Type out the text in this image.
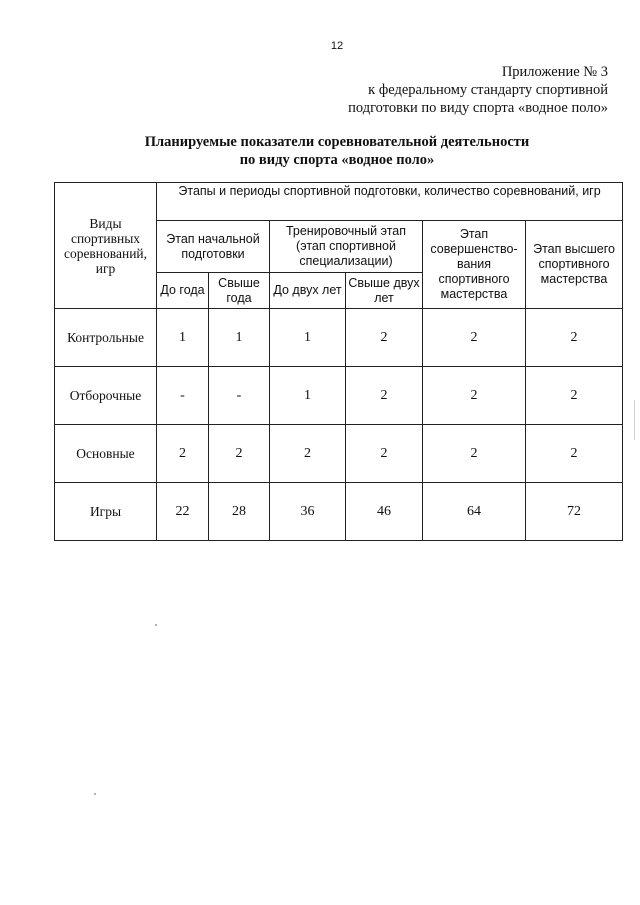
12
Приложение № 3
к федеральному стандарту спортивной
подготовки по виду спорта «водное поло»
Планируемые показатели соревновательной деятельности
по виду спорта «водное поло»
Виды спортивных соревнований, игр	Этапы и периоды спортивной подготовки, количество соревнований, игр					
	Этап начальной подготовки		Тренировочный этап (этап спортивной специализации)		Этап совершенство-вания спортивного мастерства	Этап высшего спортивного мастерства
	До года	Свыше года	До двух лет	Свыше двух лет		
Контрольные	1	1	1	2	2	2
Отборочные	-	-	1	2	2	2
Основные	2	2	2	2	2	2
Игры	22	28	36	46	64	72
